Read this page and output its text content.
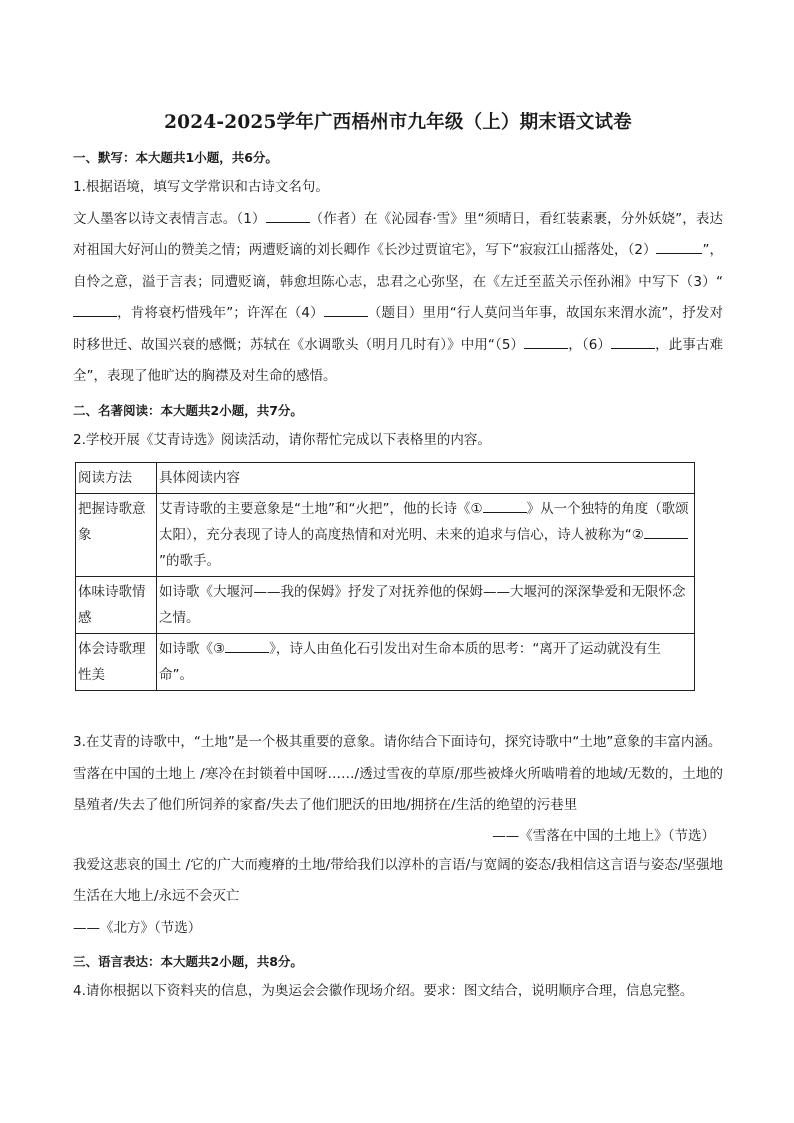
2024-2025学年广西梧州市九年级（上）期末语文试卷
一、默写：本大题共1小题，共6分。

1.根据语境，填写文学常识和古诗文名句。

文人墨客以诗文表情言志。（1）	（作者）在《沁园春·雪》里“须晴日，看红装素裹，分外妖娆”，表达对祖国大好河山的赞美之情；两遭贬谪的刘长卿作《长沙过贾谊宅》，写下“寂寂江山摇落处，（2）	”，自怜之意，溢于言表；同遭贬谪，韩愈坦陈心志，忠君之心弥坚，在《左迁至蓝关示侄孙湘》中写下（3）“，肯将衰朽惜残年”；许浑在（4）	（题目）里用“行人莫问当年事，故国东来渭水流”，抒发对时移世迁、故国兴衰的感慨；苏轼在《水调歌头（明月几时有）》中用“（5）	，（6）	，此事古难全”，表现了他旷达的胸襟及对生命的感悟。

二、名著阅读：本大题共2小题，共7分。

2.学校开展《艾青诗选》阅读活动，请你帮忙完成以下表格里的内容。

阅读方法	具体阅读内容
把握诗歌意象	艾青诗歌的主要意象是“土地”和“火把”，他的长诗《① 》从一个独特的角度（歌颂太阳），充分表现了诗人的高度热情和对光明、未来的追求与信心，诗人被称为“②”的歌手。
体味诗歌情感	如诗歌《大堰河——我的保姆》抒发了对抚养他的保姆——大堰河的深深挚爱和无限怀念之情。
体会诗歌理性美	如诗歌《③ 》，诗人由鱼化石引发出对生命本质的思考：“离开了运动就没有生命”。

3.在艾青的诗歌中，“土地”是一个极其重要的意象。请你结合下面诗句，探究诗歌中“土地”意象的丰富内涵。

雪落在中国的土地上 /寒冷在封锁着中国呀……/透过雪夜的草原/那些被烽火所啮啃着的地域/无数的，土地的垦殖者/失去了他们所饲养的家畜/失去了他们肥沃的田地/拥挤在/生活的绝望的污巷里

——《雪落在中国的土地上》（节选）

我爱这悲哀的国土 /它的广大而瘦瘠的土地/带给我们以淳朴的言语/与宽阔的姿态/我相信这言语与姿态/坚强地生活在大地上/永远不会灭亡

——《北方》（节选）

三、语言表达：本大题共2小题，共8分。

4.请你根据以下资料夹的信息，为奥运会会徽作现场介绍。要求：图文结合，说明顺序合理，信息完整。
